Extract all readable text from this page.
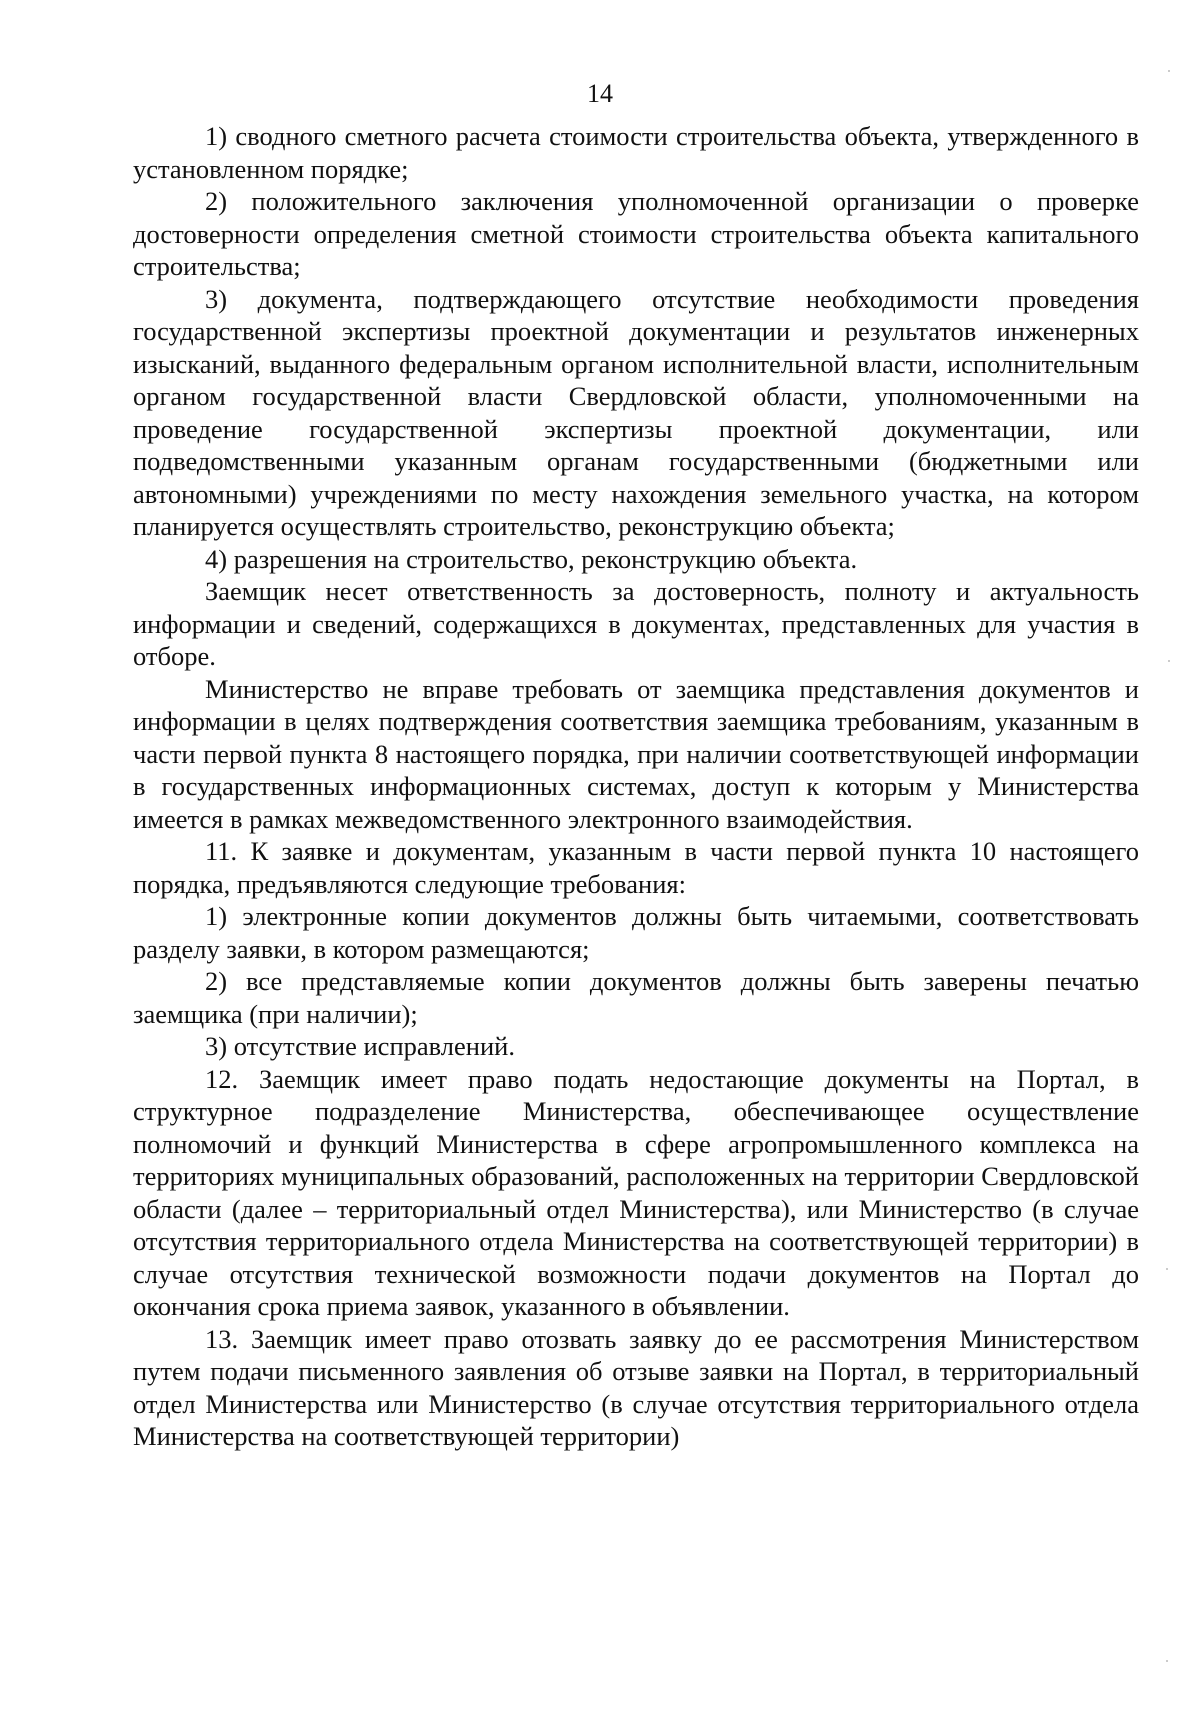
14

1) сводного сметного расчета стоимости строительства объекта, утвержденного в установленном порядке;

2) положительного заключения уполномоченной организации о проверке достоверности определения сметной стоимости строительства объекта капитального строительства;

3) документа, подтверждающего отсутствие необходимости проведения государственной экспертизы проектной документации и результатов инженерных изысканий, выданного федеральным органом исполнительной власти, исполнительным органом государственной власти Свердловской области, уполномоченными на проведение государственной экспертизы проектной документации, или подведомственными указанным органам государственными (бюджетными или автономными) учреждениями по месту нахождения земельного участка, на котором планируется осуществлять строительство, реконструкцию объекта;

4) разрешения на строительство, реконструкцию объекта.

Заемщик несет ответственность за достоверность, полноту и актуальность информации и сведений, содержащихся в документах, представленных для участия в отборе.

Министерство не вправе требовать от заемщика представления документов и информации в целях подтверждения соответствия заемщика требованиям, указанным в части первой пункта 8 настоящего порядка, при наличии соответствующей информации в государственных информационных системах, доступ к которым у Министерства имеется в рамках межведомственного электронного взаимодействия.

11. К заявке и документам, указанным в части первой пункта 10 настоящего порядка, предъявляются следующие требования:

1) электронные копии документов должны быть читаемыми, соответствовать разделу заявки, в котором размещаются;

2) все представляемые копии документов должны быть заверены печатью заемщика (при наличии);

3) отсутствие исправлений.

12. Заемщик имеет право подать недостающие документы на Портал, в структурное подразделение Министерства, обеспечивающее осуществление полномочий и функций Министерства в сфере агропромышленного комплекса на территориях муниципальных образований, расположенных на территории Свердловской области (далее – территориальный отдел Министерства), или Министерство (в случае отсутствия территориального отдела Министерства на соответствующей территории) в случае отсутствия технической возможности подачи документов на Портал до окончания срока приема заявок, указанного в объявлении.

13. Заемщик имеет право отозвать заявку до ее рассмотрения Министерством путем подачи письменного заявления об отзыве заявки на Портал, в территориальный отдел Министерства или Министерство (в случае отсутствия территориального отдела Министерства на соответствующей территории)
